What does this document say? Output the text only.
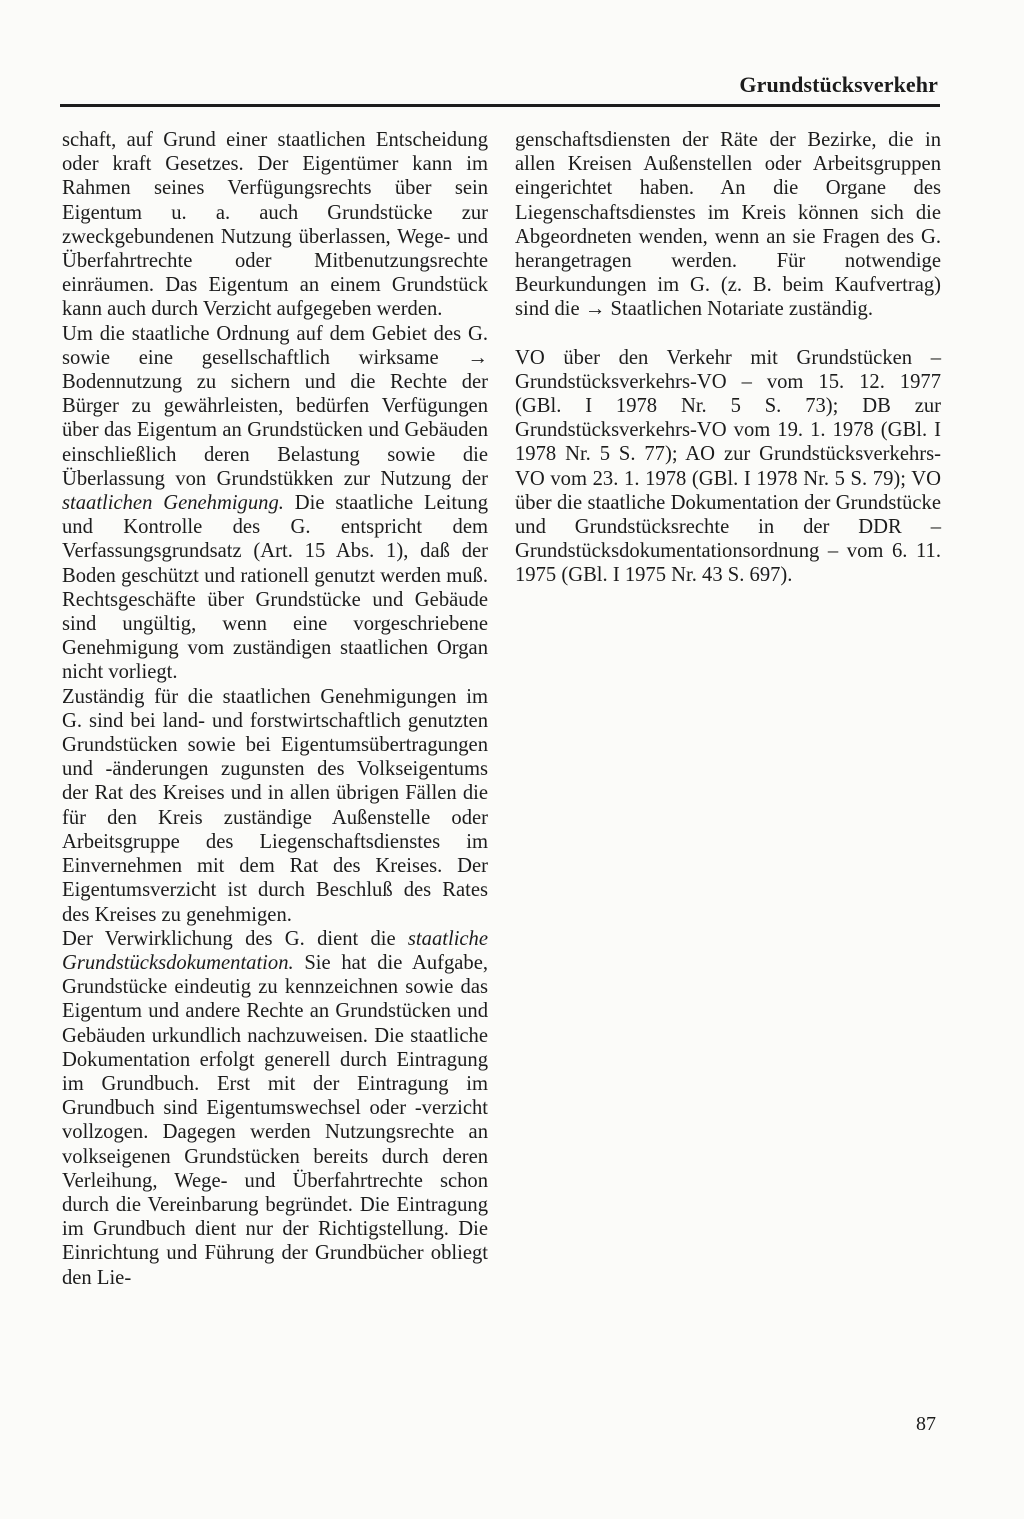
Grundstücksverkehr

schaft, auf Grund einer staatlichen Entscheidung oder kraft Gesetzes. Der Eigentümer kann im Rahmen seines Verfügungsrechts über sein Eigentum u. a. auch Grundstücke zur zweckgebundenen Nutzung überlassen, Wege- und Überfahrtrechte oder Mitbenutzungsrechte einräumen. Das Eigentum an einem Grundstück kann auch durch Verzicht aufgegeben werden.

Um die staatliche Ordnung auf dem Gebiet des G. sowie eine gesellschaftlich wirksame → Bodennutzung zu sichern und die Rechte der Bürger zu gewährleisten, bedürfen Verfügungen über das Eigentum an Grundstücken und Gebäuden einschließlich deren Belastung sowie die Überlassung von Grundstükken zur Nutzung der staatlichen Genehmigung. Die staatliche Leitung und Kontrolle des G. entspricht dem Verfassungsgrundsatz (Art. 15 Abs. 1), daß der Boden geschützt und rationell genutzt werden muß. Rechtsgeschäfte über Grundstücke und Gebäude sind ungültig, wenn eine vorgeschriebene Genehmigung vom zuständigen staatlichen Organ nicht vorliegt.

Zuständig für die staatlichen Genehmigungen im G. sind bei land- und forstwirtschaftlich genutzten Grundstücken sowie bei Eigentumsübertragungen und -änderungen zugunsten des Volkseigentums der Rat des Kreises und in allen übrigen Fällen die für den Kreis zuständige Außenstelle oder Arbeitsgruppe des Liegenschaftsdienstes im Einvernehmen mit dem Rat des Kreises. Der Eigentumsverzicht ist durch Beschluß des Rates des Kreises zu genehmigen.

Der Verwirklichung des G. dient die staatliche Grundstücksdokumentation. Sie hat die Aufgabe, Grundstücke eindeutig zu kennzeichnen sowie das Eigentum und andere Rechte an Grundstücken und Gebäuden urkundlich nachzuweisen. Die staatliche Dokumentation erfolgt generell durch Eintragung im Grundbuch. Erst mit der Eintragung im Grundbuch sind Eigentumswechsel oder -verzicht vollzogen. Dagegen werden Nutzungsrechte an volkseigenen Grundstücken bereits durch deren Verleihung, Wege- und Überfahrtrechte schon durch die Vereinbarung begründet. Die Eintragung im Grundbuch dient nur der Richtigstellung. Die Einrichtung und Führung der Grundbücher obliegt den Lie-

genschaftsdiensten der Räte der Bezirke, die in allen Kreisen Außenstellen oder Arbeitsgruppen eingerichtet haben. An die Organe des Liegenschaftsdienstes im Kreis können sich die Abgeordneten wenden, wenn an sie Fragen des G. herangetragen werden. Für notwendige Beurkundungen im G. (z. B. beim Kaufvertrag) sind die → Staatlichen Notariate zuständig.

VO über den Verkehr mit Grundstücken – Grundstücksverkehrs-VO – vom 15. 12. 1977 (GBl. I 1978 Nr. 5 S. 73); DB zur Grundstücksverkehrs-VO vom 19. 1. 1978 (GBl. I 1978 Nr. 5 S. 77); AO zur Grundstücksverkehrs-VO vom 23. 1. 1978 (GBl. I 1978 Nr. 5 S. 79); VO über die staatliche Dokumentation der Grundstücke und Grundstücksrechte in der DDR – Grundstücksdokumentationsordnung – vom 6. 11. 1975 (GBl. I 1975 Nr. 43 S. 697).

87
